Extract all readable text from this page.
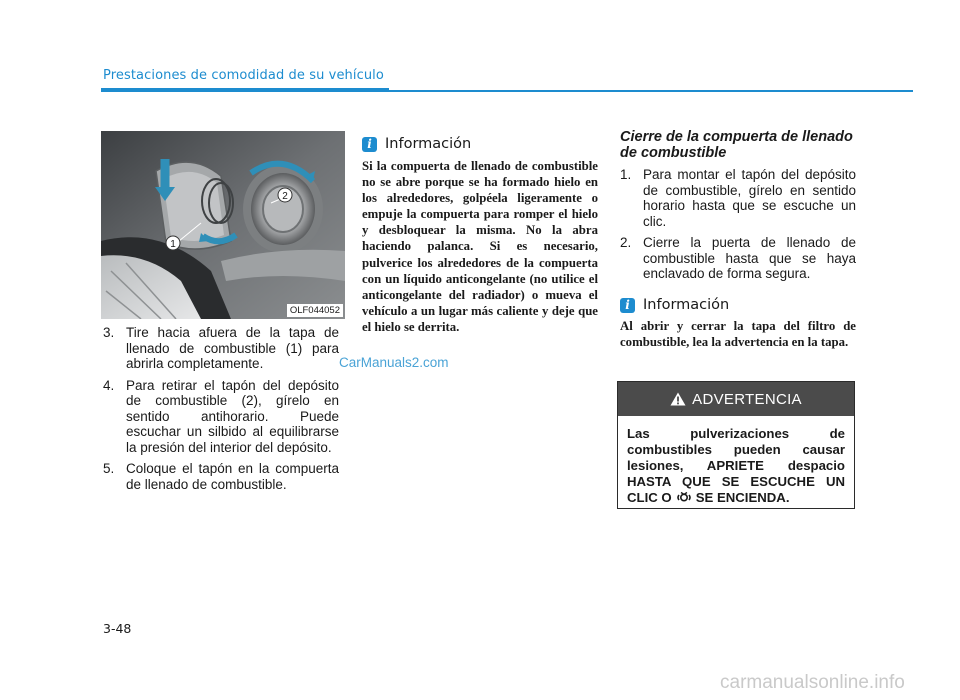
Prestaciones de comodidad de su vehículo
1
2
OLF044052
3. Tire hacia afuera de la tapa de llenado de combustible (1) para abrirla completamente.
4. Para retirar el tapón del depósito de combustible (2), gírelo en sentido antihorario. Puede escuchar un silbido al equilibrarse la presión del interior del depósito.
5. Coloque el tapón en la compuerta de llenado de combustible.
CarManuals2.com
i Información
Si la compuerta de llenado de combustible no se abre porque se ha formado hielo en los alrededores, golpéela ligeramente o empuje la compuerta para romper el hielo y desbloquear la misma. No la abra haciendo palanca. Si es necesario, pulverice los alrededores de la compuerta con un líquido anticongelante (no utilice el anticongelante del radiador) o mueva el vehículo a un lugar más caliente y deje que el hielo se derrita.
Cierre de la compuerta de llenado de combustible
1. Para montar el tapón del depósito de combustible, gírelo en sentido horario hasta que se escuche un clic.
2. Cierre la puerta de llenado de combustible hasta que se haya enclavado de forma segura.
i Información
Al abrir y cerrar la tapa del filtro de combustible, lea la advertencia en la tapa.
ADVERTENCIA
Las pulverizaciones de combustibles pueden causar lesiones, APRIETE despacio HASTA QUE SE ESCUCHE UN CLIC O SE ENCIENDA.
3-48
carmanualsonline.info
